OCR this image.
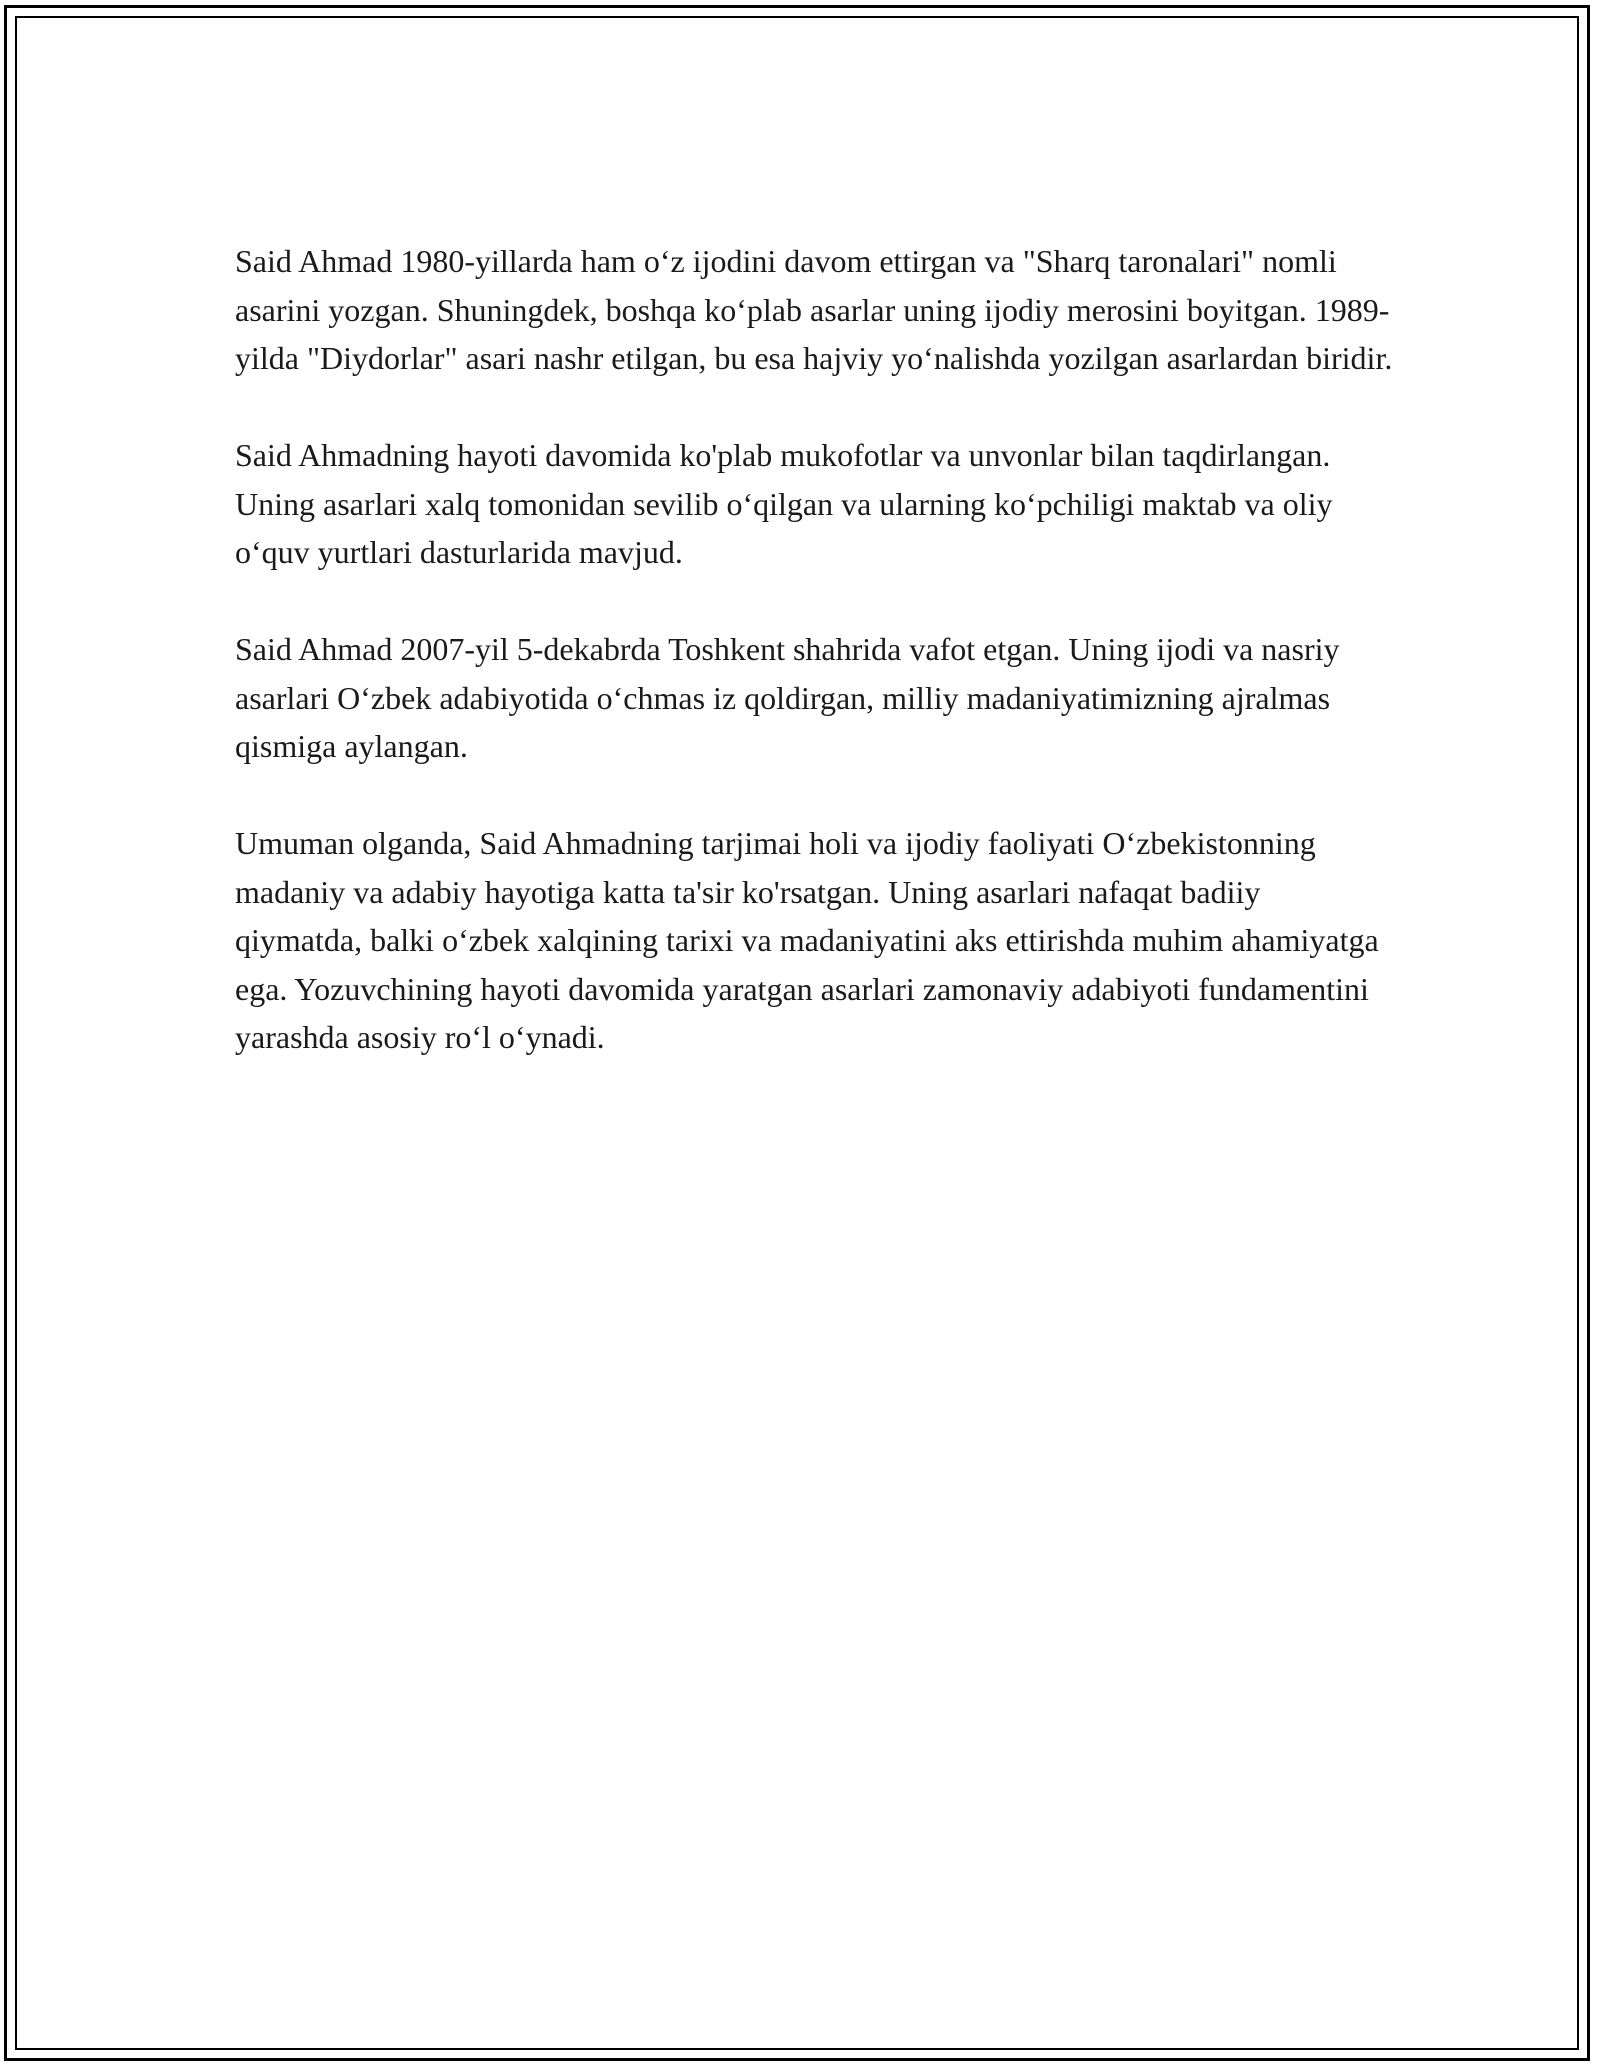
Said Ahmad 1980-yillarda ham o‘z ijodini davom ettirgan va "Sharq taronalari" nomli asarini yozgan. Shuningdek, boshqa ko‘plab asarlar uning ijodiy merosini boyitgan. 1989-yilda "Diydorlar" asari nashr etilgan, bu esa hajviy yo‘nalishda yozilgan asarlardan biridir.

Said Ahmadning hayoti davomida ko'plab mukofotlar va unvonlar bilan taqdirlangan. Uning asarlari xalq tomonidan sevilib o‘qilgan va ularning ko‘pchiligi maktab va oliy o‘quv yurtlari dasturlarida mavjud.

Said Ahmad 2007-yil 5-dekabrda Toshkent shahrida vafot etgan. Uning ijodi va nasriy asarlari O‘zbek adabiyotida o‘chmas iz qoldirgan, milliy madaniyatimizning ajralmas qismiga aylangan.

Umuman olganda, Said Ahmadning tarjimai holi va ijodiy faoliyati O‘zbekistonning madaniy va adabiy hayotiga katta ta'sir ko'rsatgan. Uning asarlari nafaqat badiiy qiymatda, balki o‘zbek xalqining tarixi va madaniyatini aks ettirishda muhim ahamiyatga ega. Yozuvchining hayoti davomida yaratgan asarlari zamonaviy adabiyoti fundamentini yarashda asosiy ro‘l o‘ynadi.
